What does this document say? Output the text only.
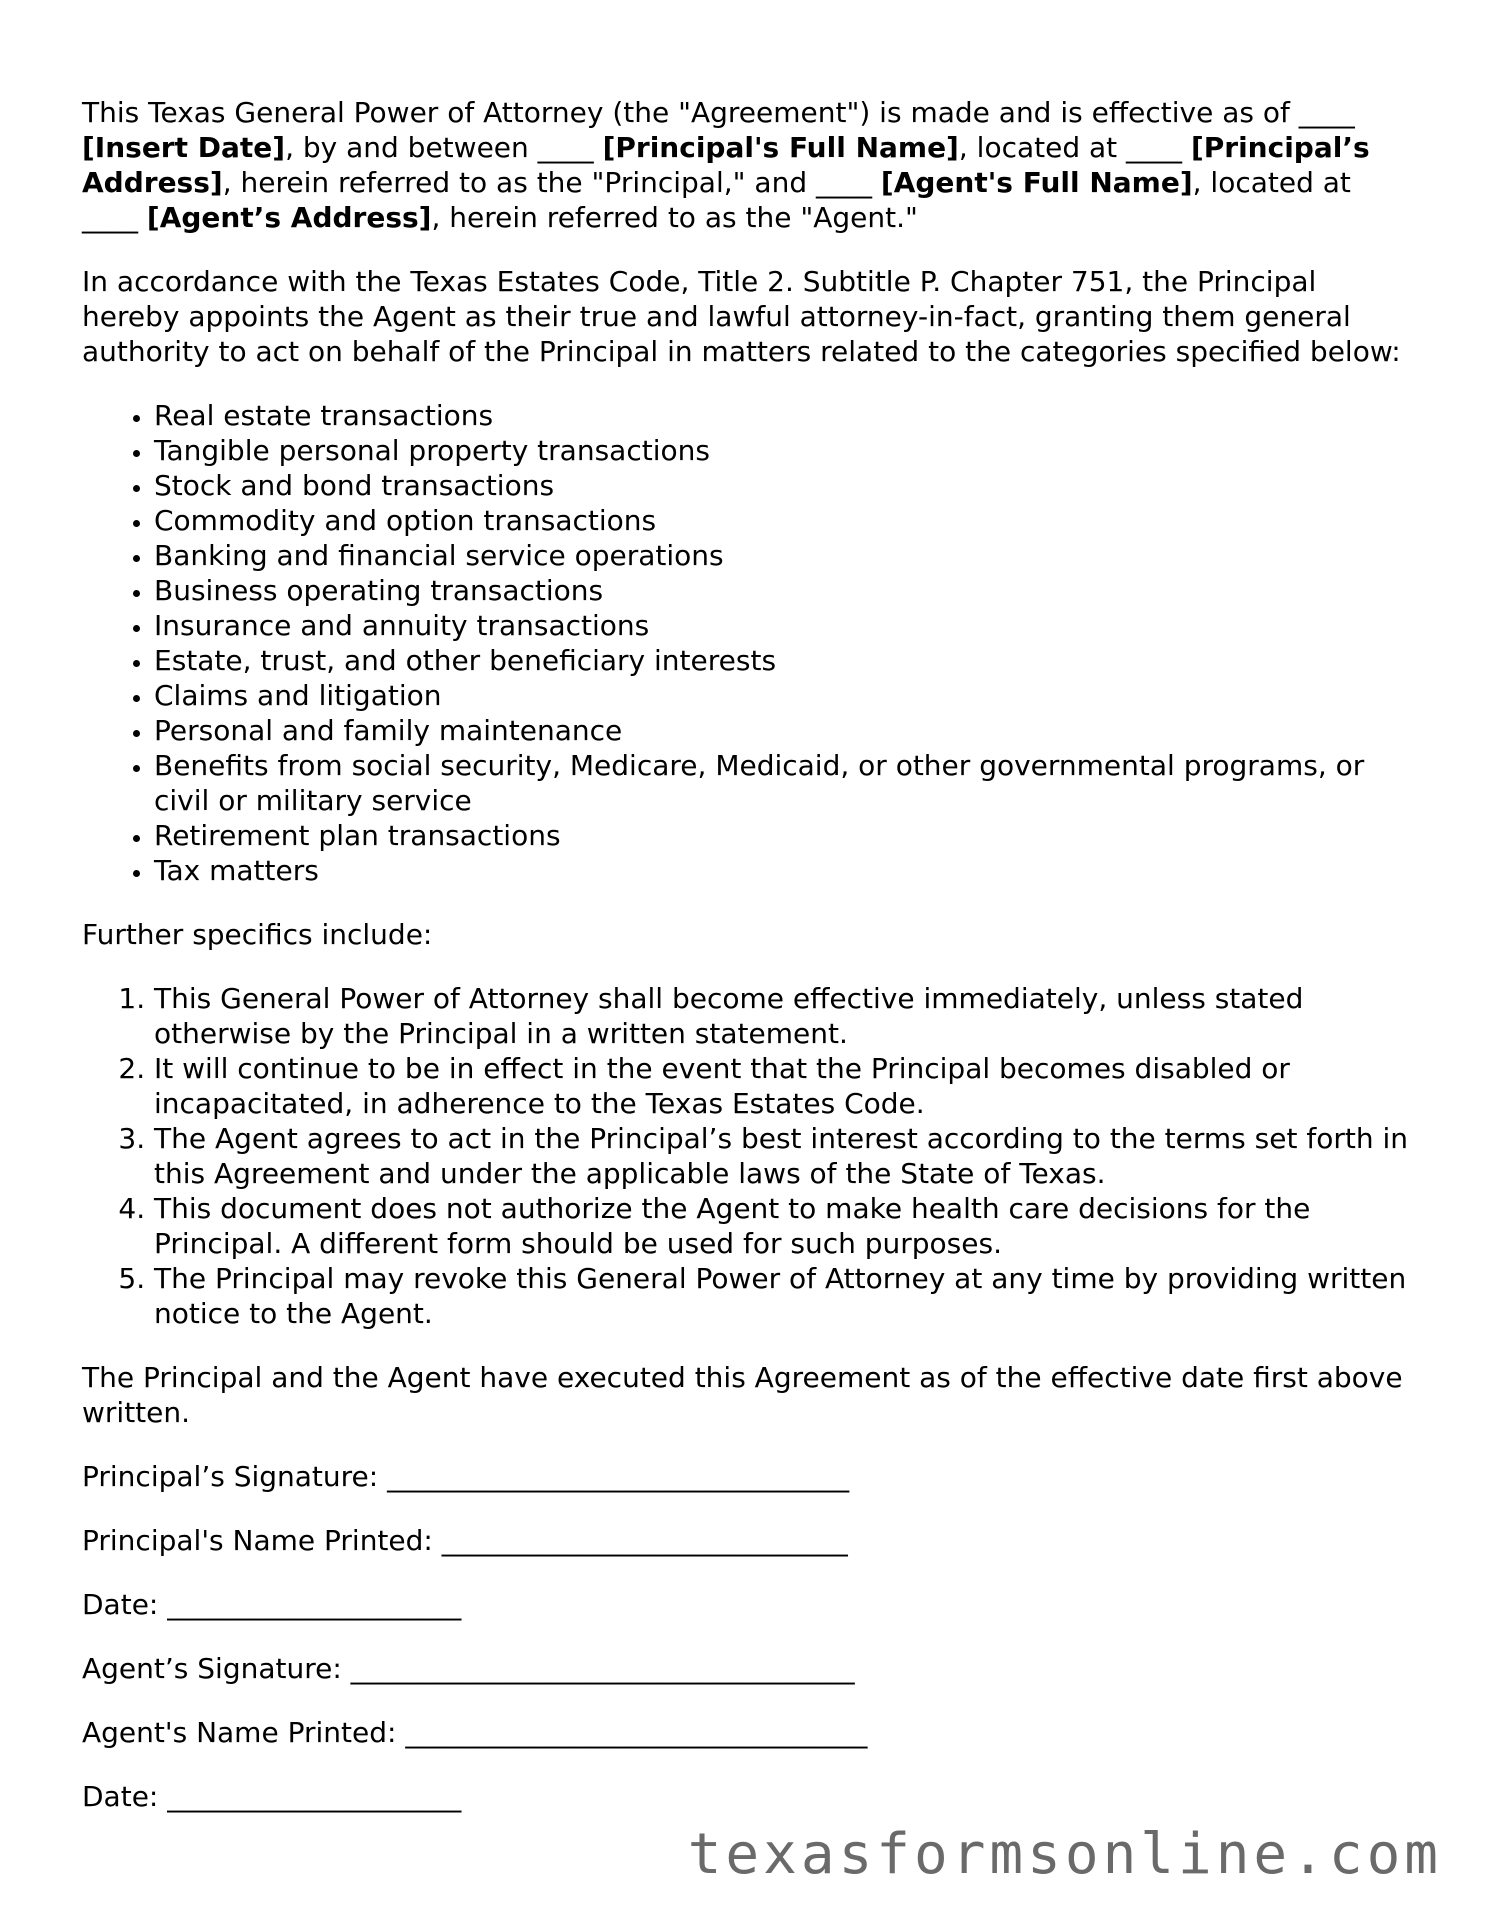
This Texas General Power of Attorney (the "Agreement") is made and is effective as of ____ [Insert Date], by and between ____ [Principal's Full Name], located at ____ [Principal’s Address], herein referred to as the "Principal," and ____ [Agent's Full Name], located at ____ [Agent’s Address], herein referred to as the "Agent."

In accordance with the Texas Estates Code, Title 2. Subtitle P. Chapter 751, the Principal hereby appoints the Agent as their true and lawful attorney-in-fact, granting them general authority to act on behalf of the Principal in matters related to the categories specified below:

• Real estate transactions
• Tangible personal property transactions
• Stock and bond transactions
• Commodity and option transactions
• Banking and financial service operations
• Business operating transactions
• Insurance and annuity transactions
• Estate, trust, and other beneficiary interests
• Claims and litigation
• Personal and family maintenance
• Benefits from social security, Medicare, Medicaid, or other governmental programs, or civil or military service
• Retirement plan transactions
• Tax matters

Further specifics include:

1. This General Power of Attorney shall become effective immediately, unless stated otherwise by the Principal in a written statement.
2. It will continue to be in effect in the event that the Principal becomes disabled or incapacitated, in adherence to the Texas Estates Code.
3. The Agent agrees to act in the Principal’s best interest according to the terms set forth in this Agreement and under the applicable laws of the State of Texas.
4. This document does not authorize the Agent to make health care decisions for the Principal. A different form should be used for such purposes.
5. The Principal may revoke this General Power of Attorney at any time by providing written notice to the Agent.

The Principal and the Agent have executed this Agreement as of the effective date first above written.

Principal’s Signature: _________________________________
Principal's Name Printed: _____________________________
Date: _____________________
Agent’s Signature: ____________________________________
Agent's Name Printed: _________________________________
Date: _____________________
texasformsonline.com
